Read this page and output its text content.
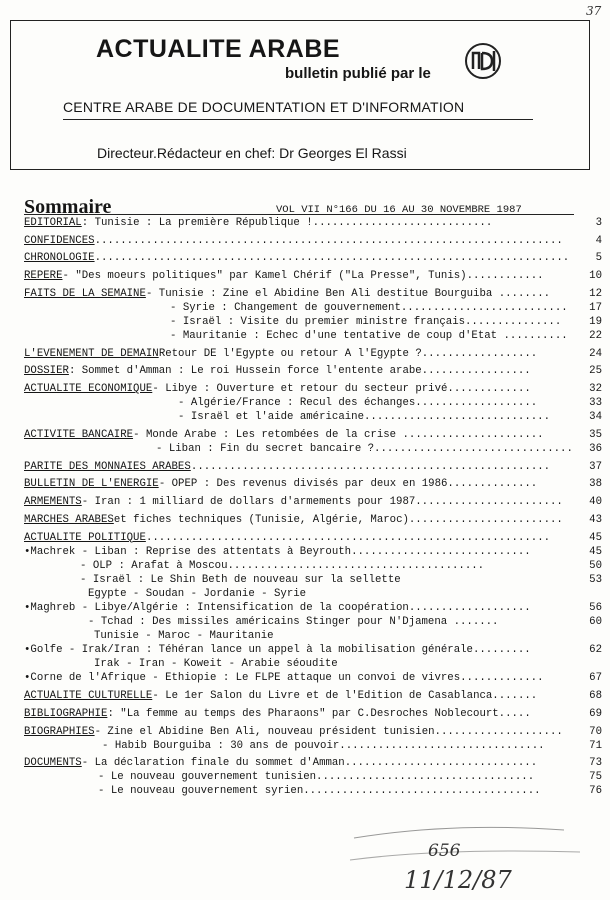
37
ACTUALITE ARABE
bulletin publié par le
CENTRE ARABE DE DOCUMENTATION ET D'INFORMATION
Directeur.Rédacteur en chef: Dr Georges El Rassi
Sommaire	VOL VII N°166 DU 16 AU 30 NOVEMBRE 1987
EDITORIAL : Tunisie : La première République !............................	3
CONFIDENCES .........................................................................	4
CHRONOLOGIE ..........................................................................	5
REPERE - "Des moeurs politiques" par Kamel Chérif ("La Presse", Tunis)............	10
FAITS DE LA SEMAINE - Tunisie : Zine el Abidine Ben Ali destitue Bourguiba ........	12
- Syrie : Changement de gouvernement..........................	17
- Israël : Visite du premier ministre français...............	19
- Mauritanie : Echec d'une tentative de coup d'Etat ..........	22
L'EVENEMENT DE DEMAIN Retour DE l'Egypte ou retour A l'Egypte ?..................	24
DOSSIER : Sommet d'Amman : Le roi Hussein force l'entente arabe.................	25
ACTUALITE ECONOMIQUE - Libye : Ouverture et retour du secteur privé.............	32
- Algérie/France : Recul des échanges...................	33
- Israël et l'aide américaine.............................	34
ACTIVITE BANCAIRE - Monde Arabe : Les retombées de la crise ......................	35
- Liban : Fin du secret bancaire ?...............................	36
PARITE DES MONNAIES ARABES ........................................................	37
BULLETIN DE L'ENERGIE - OPEP : Des revenus divisés par deux en 1986..............	38
ARMEMENTS - Iran : 1 milliard de dollars d'armements pour 1987.......................	40
MARCHES ARABES et fiches techniques (Tunisie, Algérie, Maroc)........................	43
ACTUALITE POLITIQUE ...............................................................	45
•Machrek - Liban : Reprise des attentats à Beyrouth............................	45
- OLP : Arafat à Moscou........................................	50
- Israël : Le Shin Beth de nouveau sur la sellette	53
Egypte - Soudan - Jordanie - Syrie
•Maghreb - Libye/Algérie : Intensification de la coopération...................	56
- Tchad : Des missiles américains Stinger pour N'Djamena .......	60
Tunisie - Maroc - Mauritanie
•Golfe - Irak/Iran : Téhéran lance un appel à la mobilisation générale.........	62
Irak - Iran - Koweit - Arabie séoudite
•Corne de l'Afrique - Ethiopie : Le FLPE attaque un convoi de vivres.............	67
ACTUALITE CULTURELLE - Le 1er Salon du Livre et de l'Edition de Casablanca.......	68
BIBLIOGRAPHIE : "La femme au temps des Pharaons" par C.Desroches Noblecourt.....	69
BIOGRAPHIES - Zine el Abidine Ben Ali, nouveau président tunisien....................	70
- Habib Bourguiba : 30 ans de pouvoir................................	71
DOCUMENTS - La déclaration finale du sommet d'Amman..............................	73
- Le nouveau gouvernement tunisien..................................	75
- Le nouveau gouvernement syrien.....................................	76
656
11/12/87
